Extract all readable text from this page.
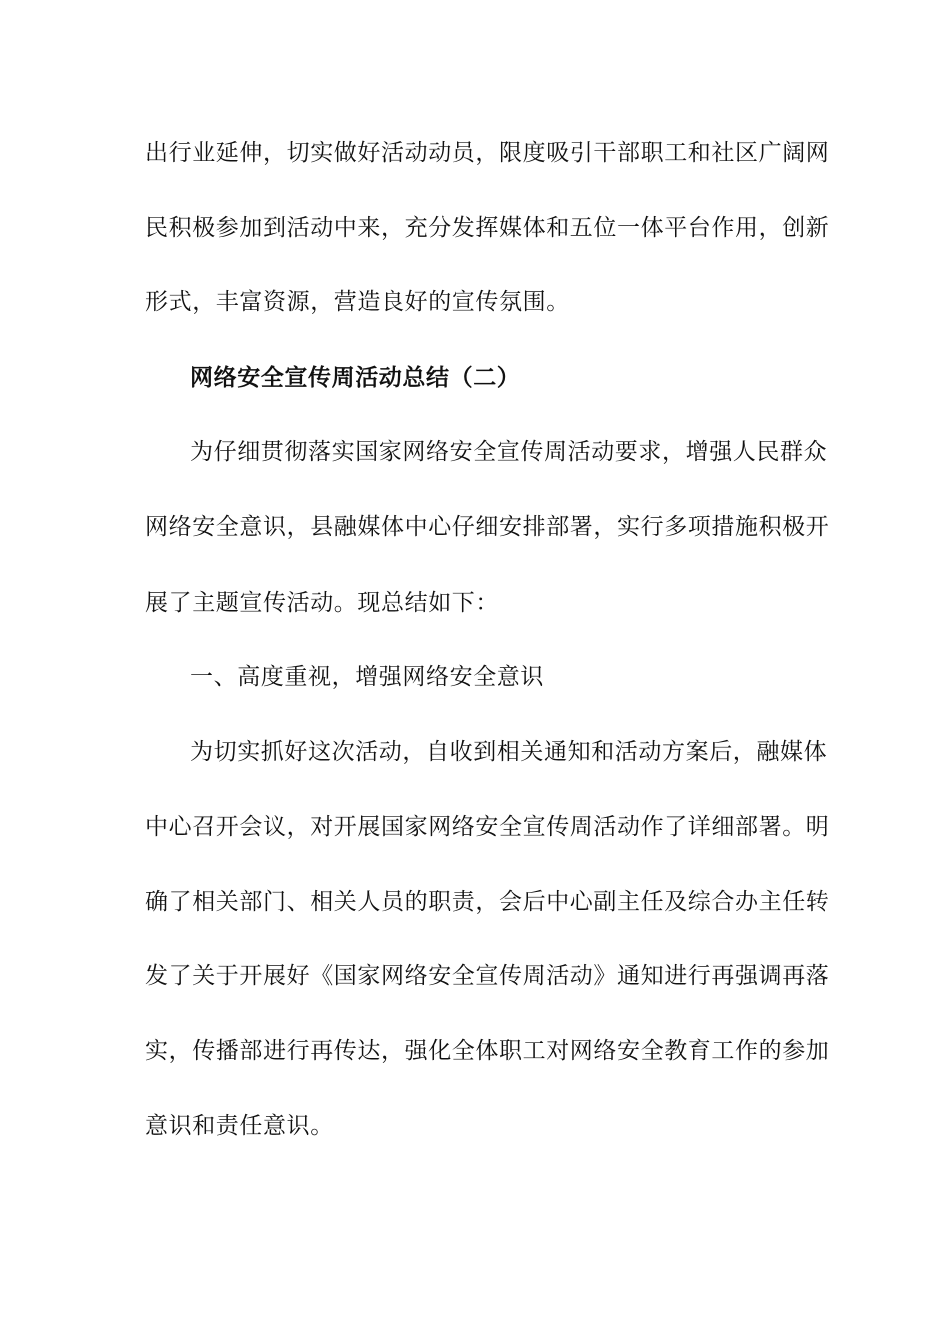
出行业延伸，切实做好活动动员，限度吸引干部职工和社区广阔网
民积极参加到活动中来，充分发挥媒体和五位一体平台作用，创新
形式，丰富资源，营造良好的宣传氛围。
网络安全宣传周活动总结（二）
为仔细贯彻落实国家网络安全宣传周活动要求，增强人民群众
网络安全意识，县融媒体中心仔细安排部署，实行多项措施积极开
展了主题宣传活动。现总结如下：
一、高度重视，增强网络安全意识
为切实抓好这次活动，自收到相关通知和活动方案后，融媒体
中心召开会议，对开展国家网络安全宣传周活动作了详细部署。明
确了相关部门、相关人员的职责，会后中心副主任及综合办主任转
发了关于开展好《国家网络安全宣传周活动》通知进行再强调再落
实，传播部进行再传达，强化全体职工对网络安全教育工作的参加
意识和责任意识。
